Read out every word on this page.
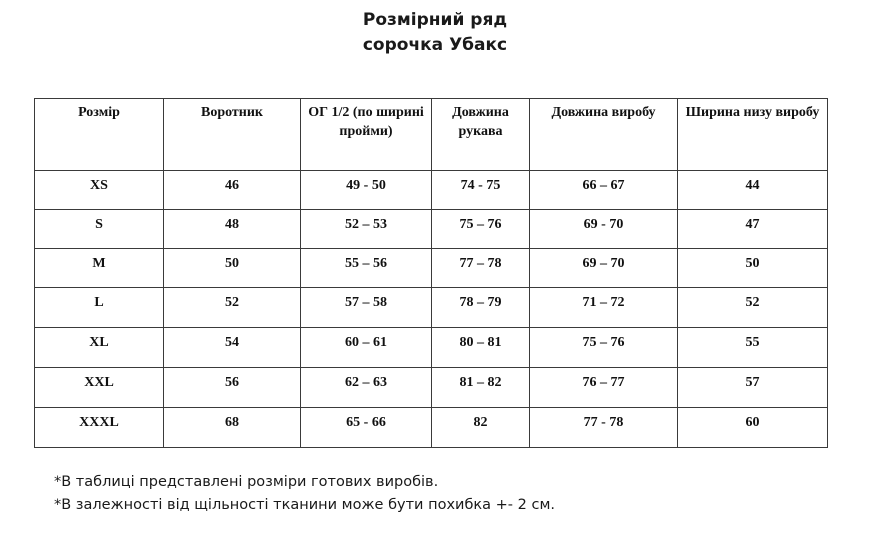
Розмірний ряд
сорочка Убакс
Розмір	Воротник	ОГ 1/2 (по ширині пройми)	Довжина рукава	Довжина виробу	Ширина низу виробу
XS	46	49 - 50	74 - 75	66 – 67	44
S	48	52 – 53	75 – 76	69 - 70	47
M	50	55 – 56	77 – 78	69 – 70	50
L	52	57 – 58	78 – 79	71 – 72	52
XL	54	60 – 61	80 – 81	75 – 76	55
XXL	56	62 – 63	81 – 82	76 – 77	57
XXXL	68	65 - 66	82	77 - 78	60
*В таблиці представлені розміри готових виробів.
*В залежності від щільності тканини може бути похибка +- 2 см.
